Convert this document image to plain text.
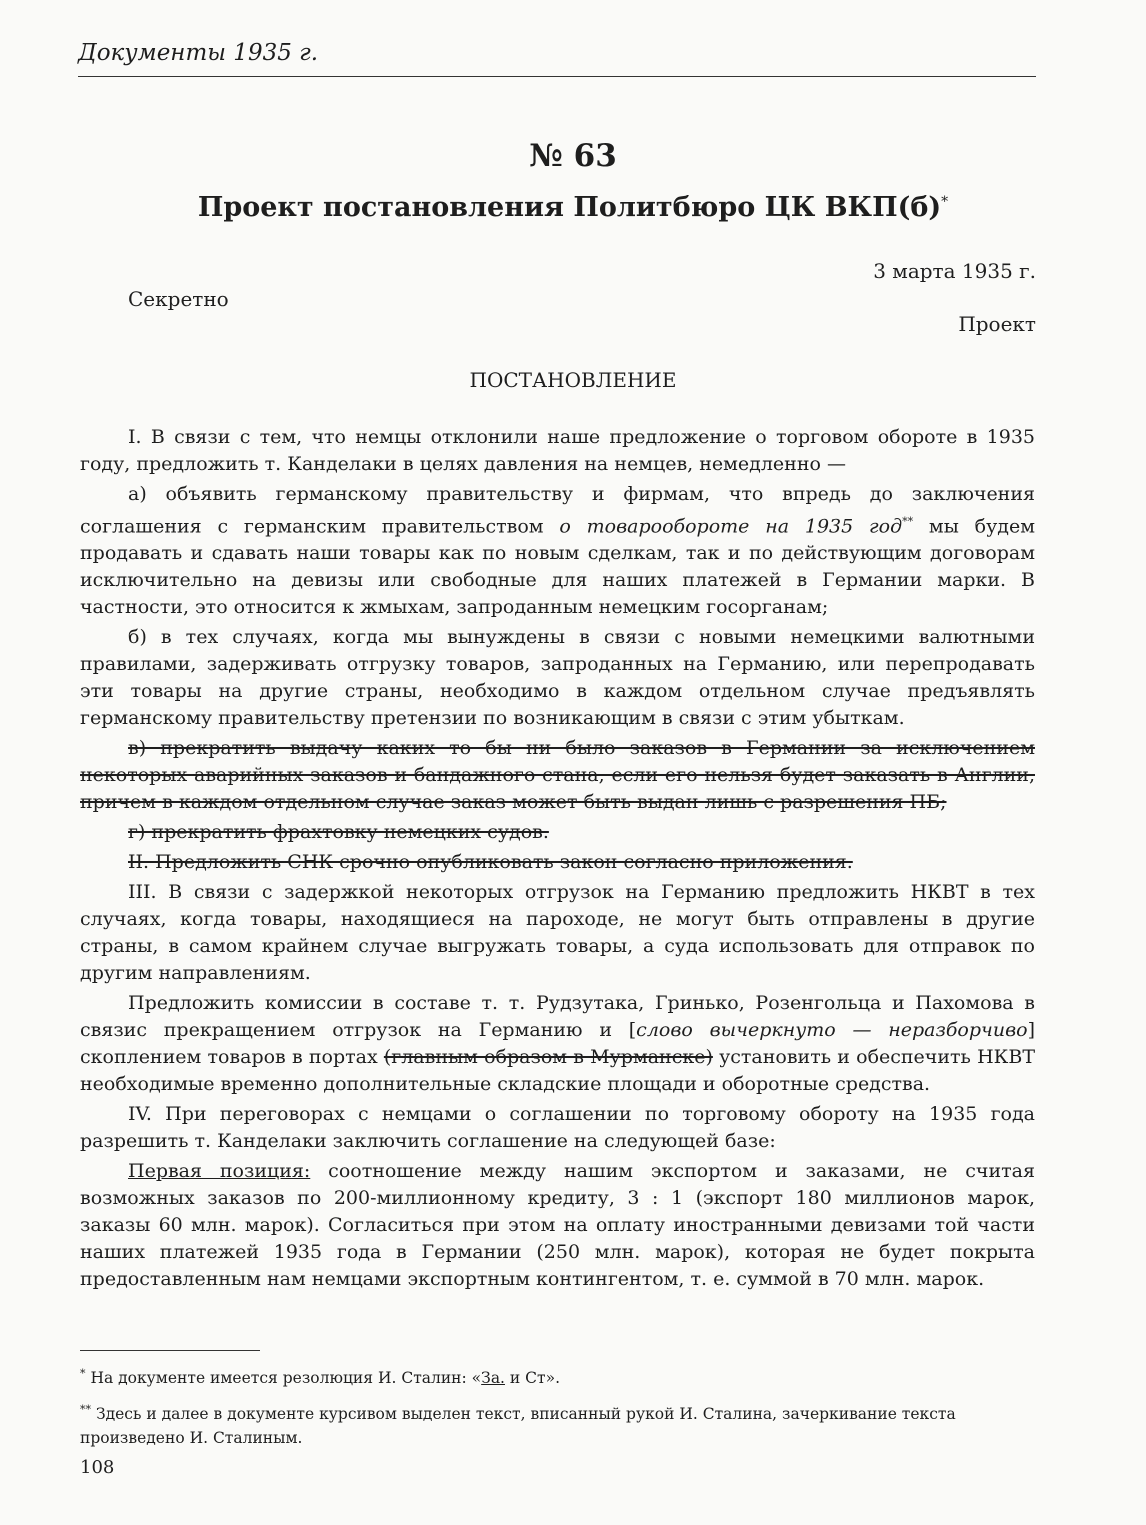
Документы 1935 г.
№ 63
Проект постановления Политбюро ЦК ВКП(б)*
3 марта 1935 г.
Секретно
Проект
ПОСТАНОВЛЕНИЕ

I. В связи с тем, что немцы отклонили наше предложение о торговом обороте в 1935 году, предложить т. Канделаки в целях давления на немцев, немедленно —

а) объявить германскому правительству и фирмам, что впредь до заключения соглашения с германским правительством о товарообороте на 1935 год** мы будем продавать и сдавать наши товары как по новым сделкам, так и по действующим договорам исключительно на девизы или свободные для наших платежей в Германии марки. В частности, это относится к жмыхам, запроданным немецким госорганам;

б) в тех случаях, когда мы вынуждены в связи с новыми немецкими валютными правилами, задерживать отгрузку товаров, запроданных на Германию, или перепродавать эти товары на другие страны, необходимо в каждом отдельном случае предъявлять германскому правительству претензии по возникающим в связи с этим убыткам.

в) прекратить выдачу каких то бы ни было заказов в Германии за исключением некоторых аварийных заказов и бандажного стана, если его нельзя будет заказать в Англии, причем в каждом отдельном случае заказ может быть выдан лишь с разрешения ПБ;

г) прекратить фрахтовку немецких судов.

II. Предложить СНК срочно опубликовать закон согласно приложения.

III. В связи с задержкой некоторых отгрузок на Германию предложить НКВТ в тех случаях, когда товары, находящиеся на пароходе, не могут быть отправлены в другие страны, в самом крайнем случае выгружать товары, а суда использовать для отправок по другим направлениям.

Предложить комиссии в составе т. т. Рудзутака, Гринько, Розенгольца и Пахомова в связис прекращением отгрузок на Германию и [слово вычеркнуто — неразборчиво] скоплением товаров в портах (главным образом в Мурманске) установить и обеспечить НКВТ необходимые временно дополнительные складские площади и оборотные средства.

IV. При переговорах с немцами о соглашении по торговому обороту на 1935 года разрешить т. Канделаки заключить соглашение на следующей базе:

Первая позиция: соотношение между нашим экспортом и заказами, не считая возможных заказов по 200-миллионному кредиту, 3 : 1 (экспорт 180 миллионов марок, заказы 60 млн. марок). Согласиться при этом на оплату иностранными девизами той части наших платежей 1935 года в Германии (250 млн. марок), которая не будет покрыта предоставленным нам немцами экспортным контингентом, т. е. суммой в 70 млн. марок.

* На документе имеется резолюция И. Сталин: «За. и Ст».

** Здесь и далее в документе курсивом выделен текст, вписанный рукой И. Сталина, зачеркивание текста произведено И. Сталиным.

108
